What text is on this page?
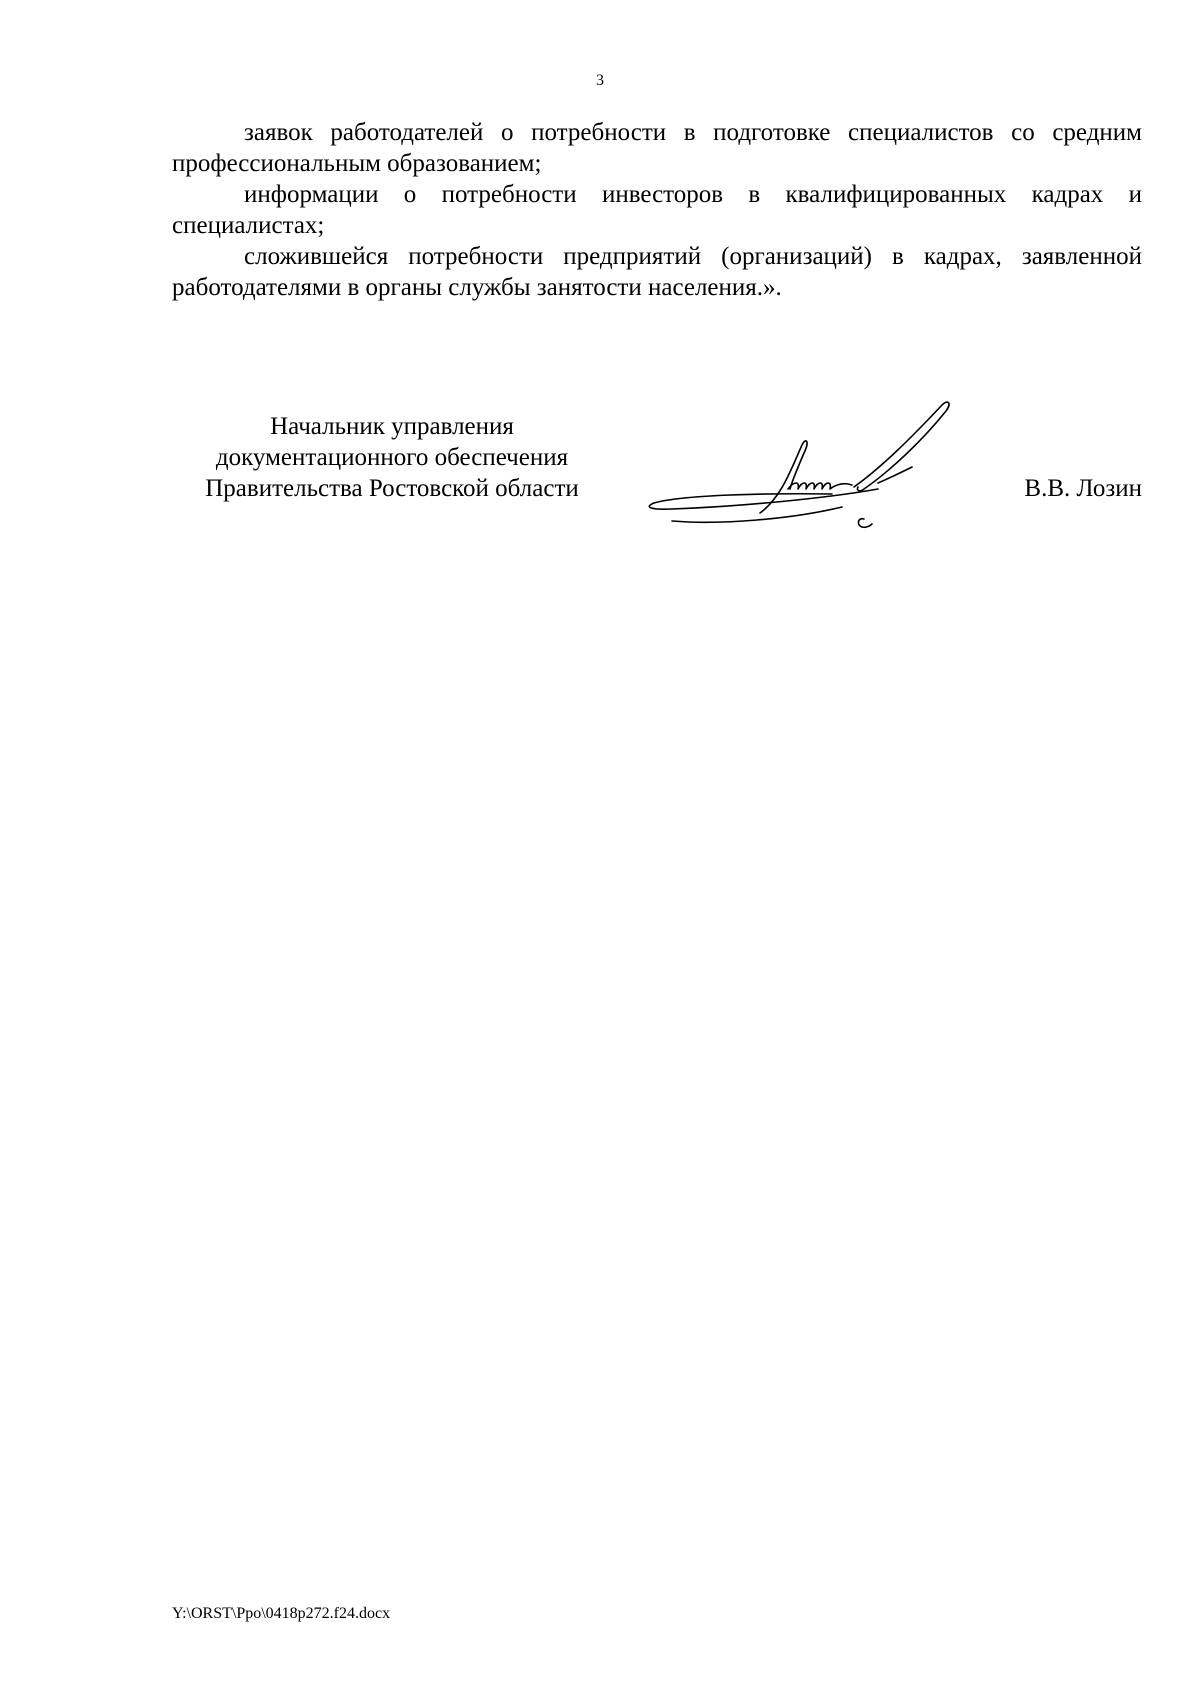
3

заявок работодателей о потребности в подготовке специалистов со средним профессиональным образованием;

информации о потребности инвесторов в квалифицированных кадрах и специалистах;

сложившейся потребности предприятий (организаций) в кадрах, заявленной работодателями в органы службы занятости населения.».

Начальник управления
документационного обеспечения
Правительства Ростовской области	В.В. Лозин
Y:\ORST\Ppo\0418p272.f24.docx
